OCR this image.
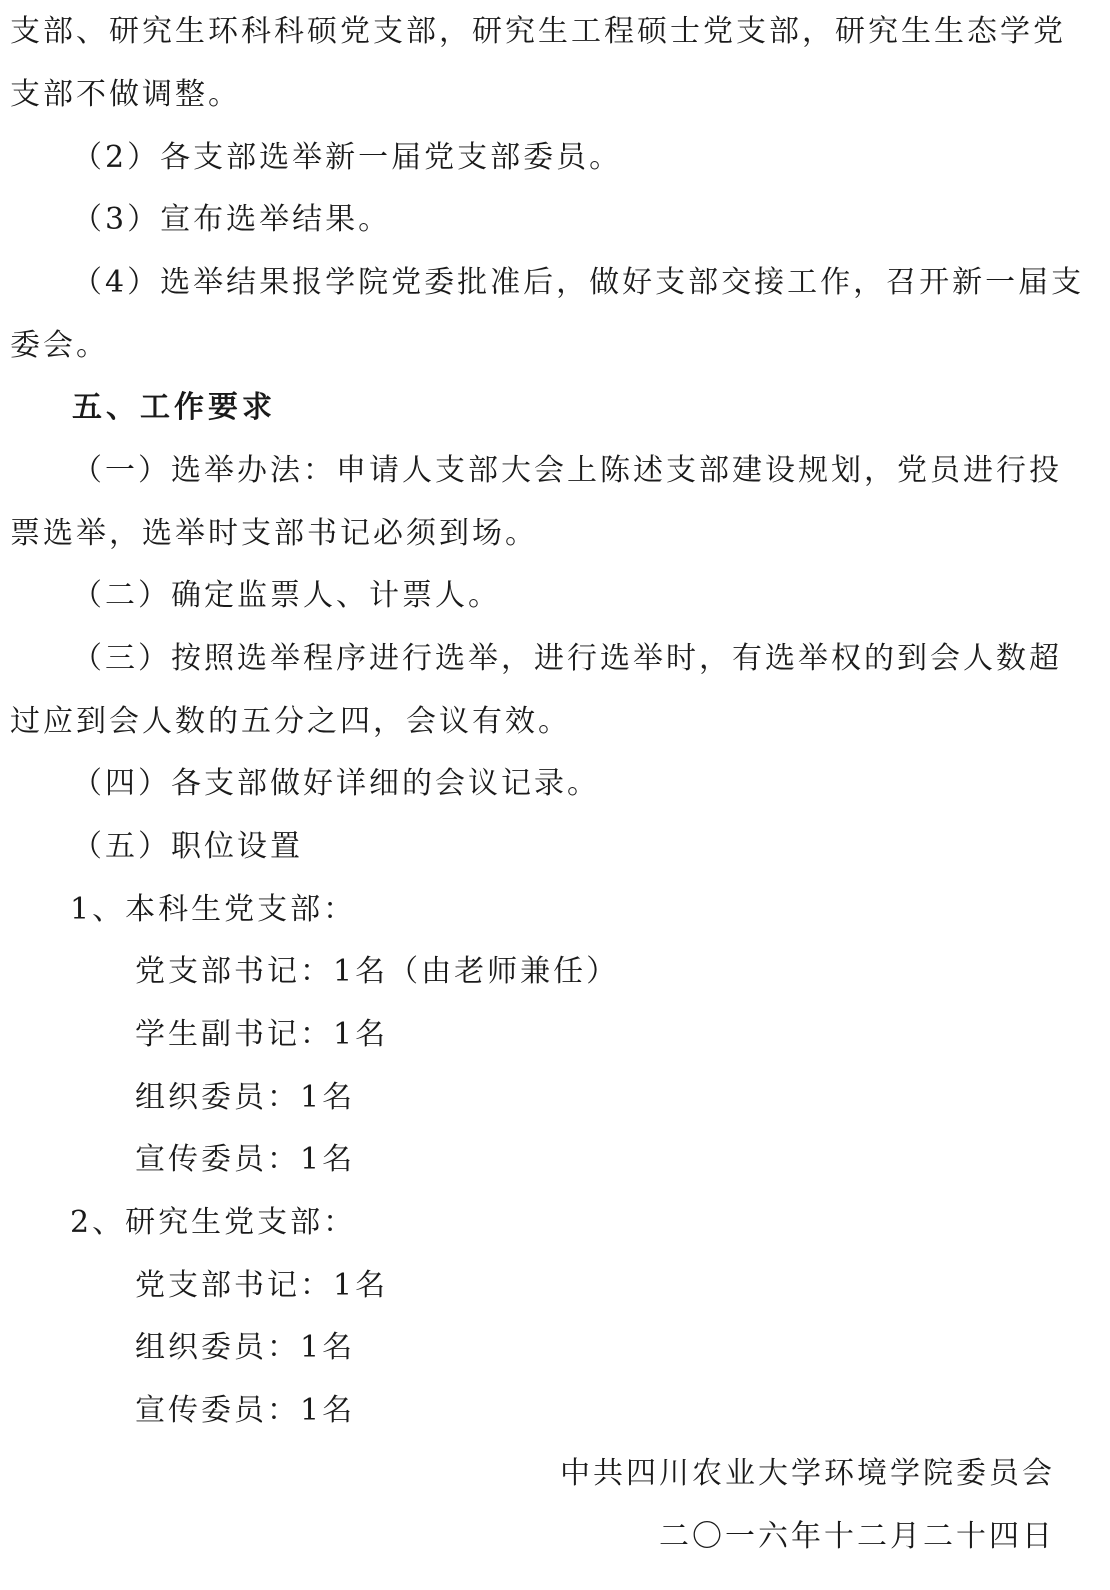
支部、研究生环科科硕党支部，研究生工程硕士党支部，研究生生态学党
支部不做调整。
（2）各支部选举新一届党支部委员。
（3）宣布选举结果。
（4）选举结果报学院党委批准后，做好支部交接工作，召开新一届支
委会。
五、工作要求
（一）选举办法：申请人支部大会上陈述支部建设规划，党员进行投
票选举，选举时支部书记必须到场。
（二）确定监票人、计票人。
（三）按照选举程序进行选举，进行选举时，有选举权的到会人数超
过应到会人数的五分之四，会议有效。
（四）各支部做好详细的会议记录。
（五）职位设置
1、本科生党支部：
党支部书记：1名（由老师兼任）
学生副书记：1名
组织委员：1名
宣传委员：1名
2、研究生党支部：
党支部书记：1名
组织委员：1名
宣传委员：1名
中共四川农业大学环境学院委员会
二〇一六年十二月二十四日
